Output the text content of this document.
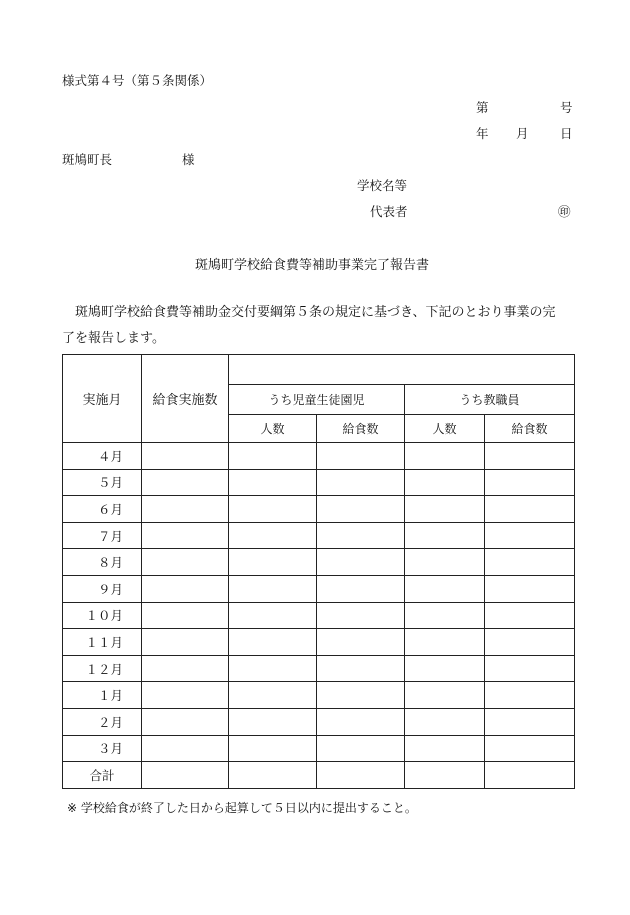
様式第４号（第５条関係）
第	号
年 月	日
斑鳩町長	様
学校名等
代表者	㊞
斑鳩町学校給食費等補助事業完了報告書
斑鳩町学校給食費等補助金交付要綱第５条の規定に基づき、下記のとおり事業の完
了を報告します。
実施月	給食実施数				
		うち児童生徒園児		うち教職員	
		人数	給食数	人数	給食数
４月					
５月					
６月					
７月					
８月					
９月					
１０月					
１１月					
１２月					
１月					
２月					
３月					
合計					
※ 学校給食が終了した日から起算して５日以内に提出すること。
